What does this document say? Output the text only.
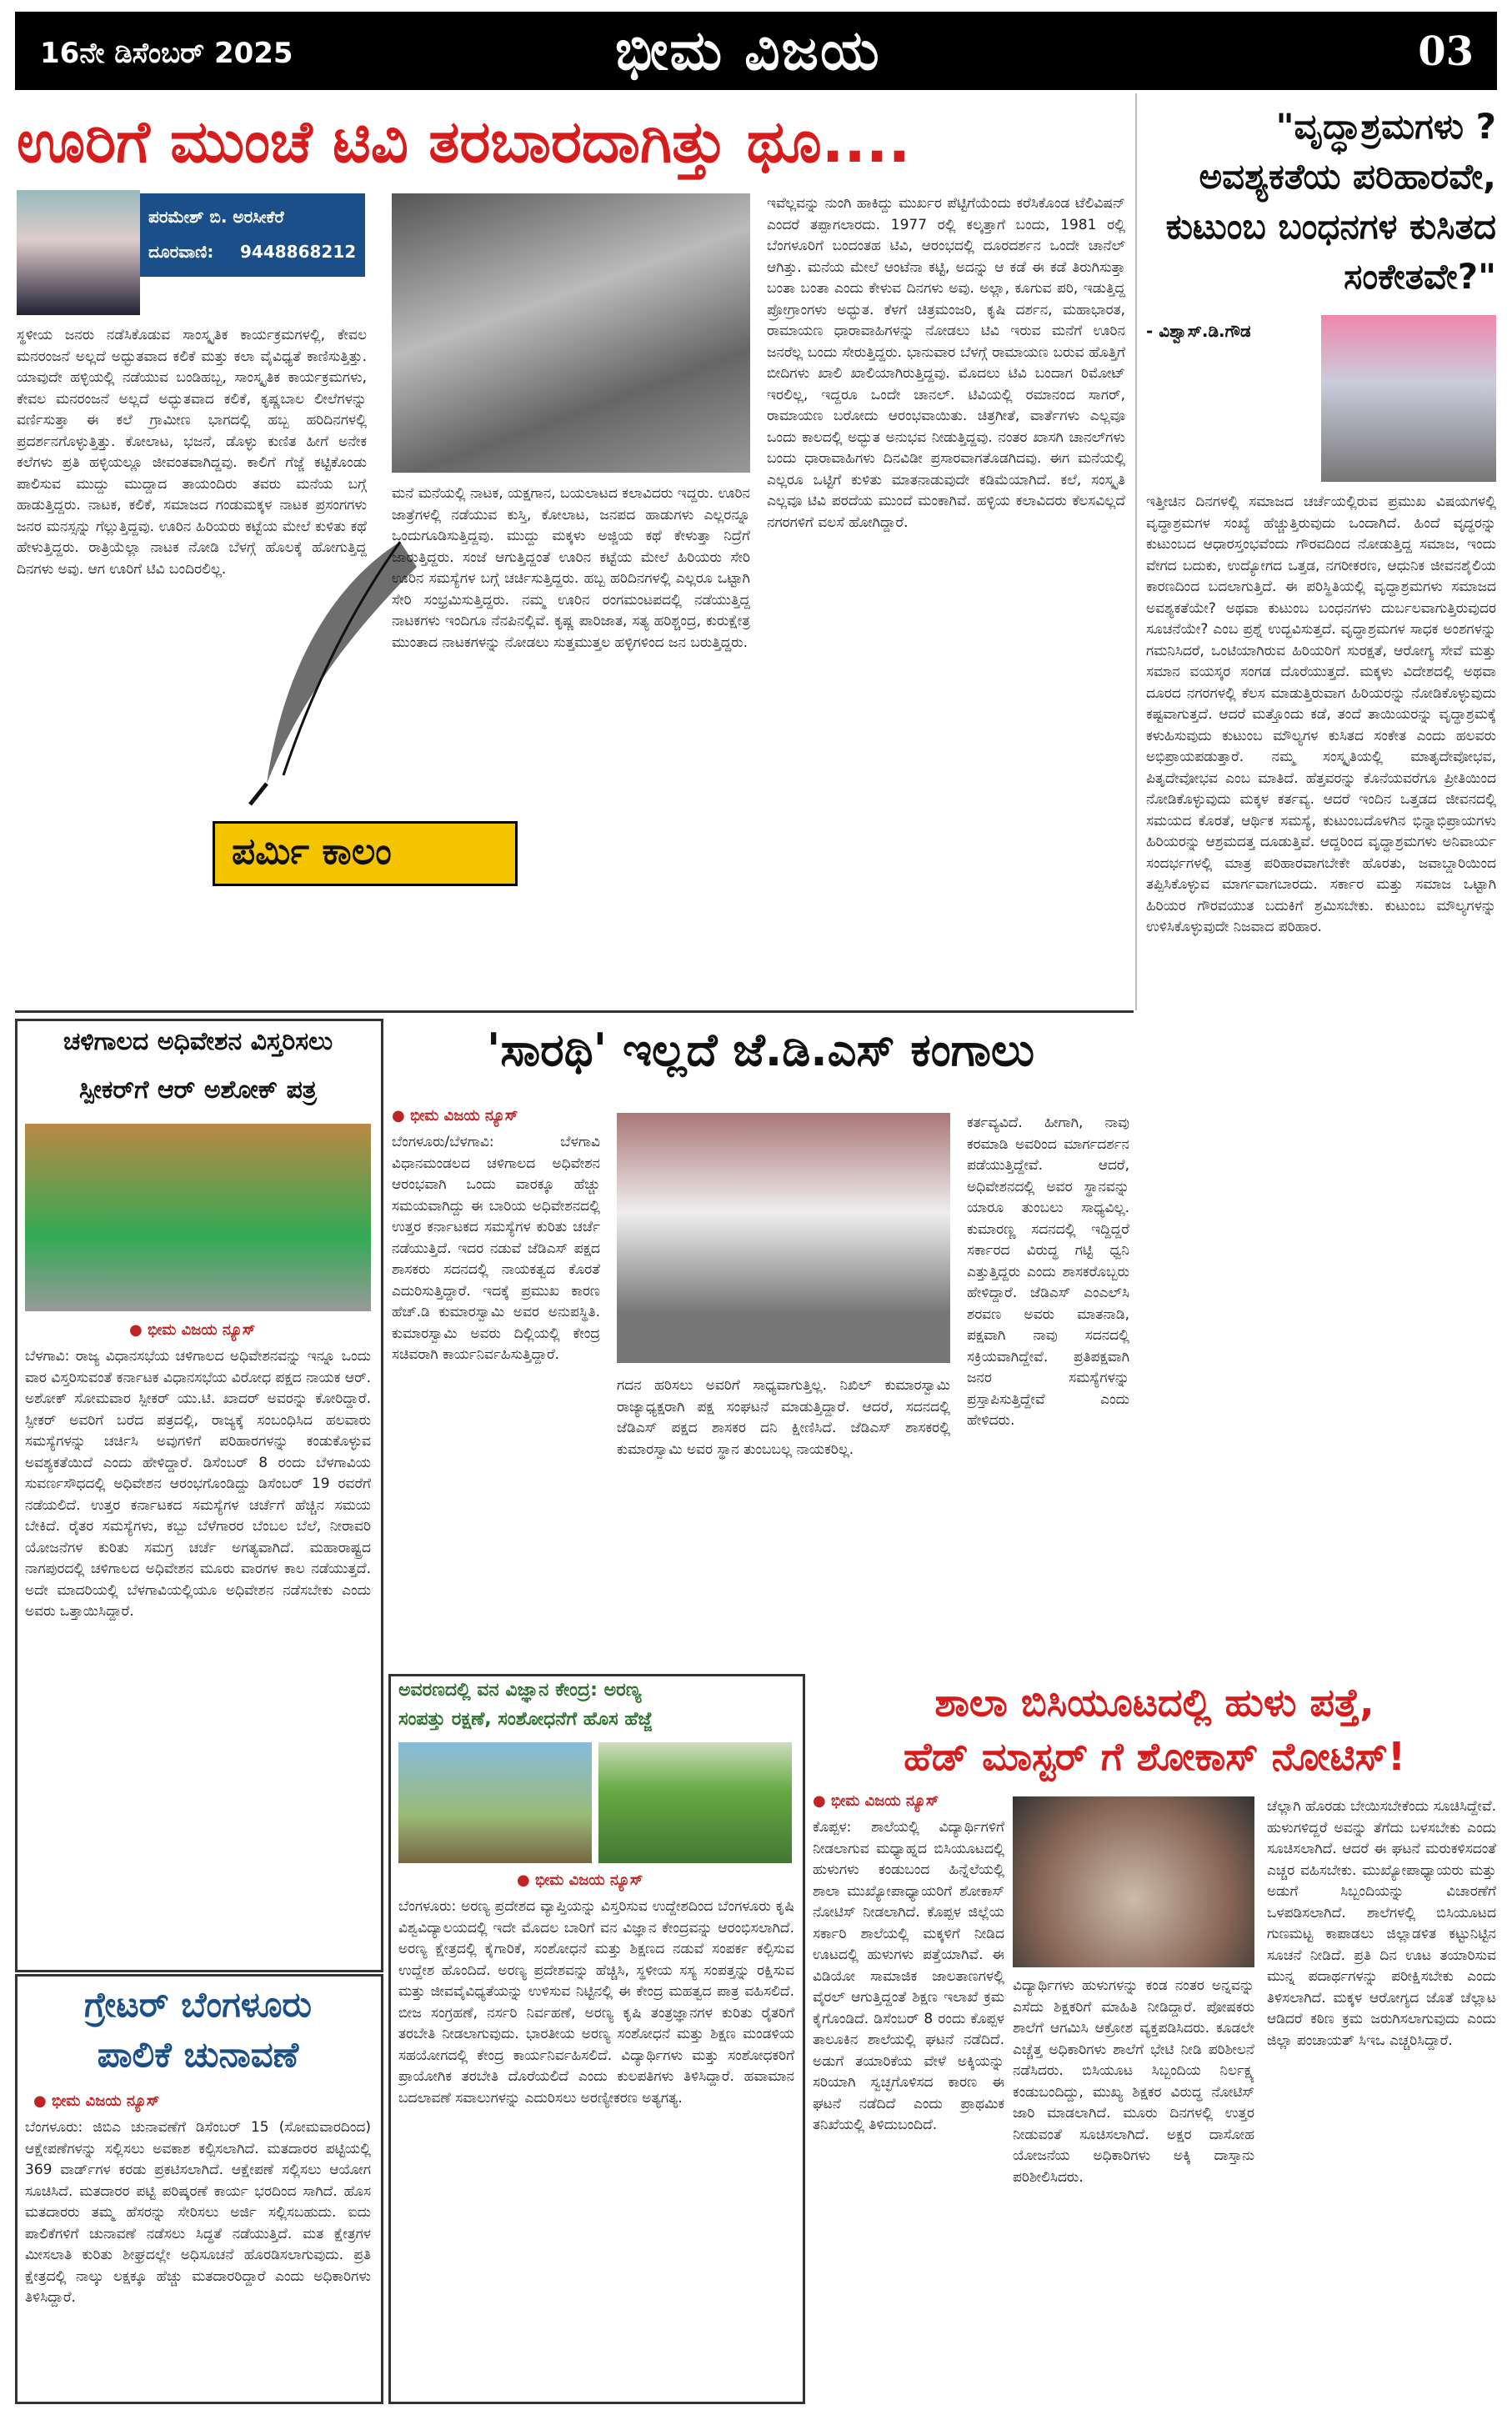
16ನೇ ಡಿಸೆಂಬರ್ 2025	ಭೀಮ ವಿಜಯ	03
ಊರಿಗೆ ಮುಂಚೆ ಟಿವಿ ತರಬಾರದಾಗಿತ್ತು ಥೂ....
ಪರಮೇಶ್ ಬಿ. ಅರಸೀಕೆರೆ
ದೂರವಾಣಿ: 9448868212
ಸ್ಥಳೀಯ ಜನರು ನಡೆಸಿಕೊಡುವ ಸಾಂಸ್ಕೃತಿಕ ಕಾರ್ಯಕ್ರಮಗಳಲ್ಲಿ, ಕೇವಲ ಮನರಂಜನೆ ಅಲ್ಲದೆ ಅದ್ಭುತವಾದ ಕಲಿಕೆ ಮತ್ತು ಕಲಾ ವೈವಿಧ್ಯತೆ ಕಾಣಿಸುತ್ತಿತ್ತು. ಯಾವುದೇ ಹಳ್ಳಿಯಲ್ಲಿ ನಡೆಯುವ ಬಂಡಿಹಬ್ಬ, ಸಾಂಸ್ಕೃತಿಕ ಕಾರ್ಯಕ್ರಮಗಳು, ಕೇವಲ ಮನರಂಜನೆ ಅಲ್ಲದೆ ಅದ್ಭುತವಾದ ಕಲಿಕೆ, ಕೃಷ್ಣಬಾಲ ಲೀಲೆಗಳನ್ನು ವರ್ಣಿಸುತ್ತಾ ಈ ಕಲೆ ಗ್ರಾಮೀಣ ಭಾಗದಲ್ಲಿ ಹಬ್ಬ ಹರಿದಿನಗಳಲ್ಲಿ ಪ್ರದರ್ಶನಗೊಳ್ಳುತ್ತಿತ್ತು. ಕೋಲಾಟ, ಭಜನೆ, ಡೊಳ್ಳು ಕುಣಿತ ಹೀಗೆ ಅನೇಕ ಕಲೆಗಳು ಪ್ರತಿ ಹಳ್ಳಿಯಲ್ಲೂ ಜೀವಂತವಾಗಿದ್ದವು. ಕಾಲಿಗೆ ಗೆಜ್ಜೆ ಕಟ್ಟಿಕೊಂಡು ಪಾಲಿಸುವ ಮುದ್ದು ಮುದ್ದಾದ ತಾಯಂದಿರು ತವರು ಮನೆಯ ಬಗ್ಗೆ ಹಾಡುತ್ತಿದ್ದರು. ನಾಟಕ, ಕಲಿಕೆ, ಸಮಾಜದ ಗಂಡುಮಕ್ಕಳ ನಾಟಕ ಪ್ರಸಂಗಗಳು ಜನರ ಮನಸ್ಸನ್ನು ಗೆಲ್ಲುತ್ತಿದ್ದವು. ಊರಿನ ಹಿರಿಯರು ಕಟ್ಟೆಯ ಮೇಲೆ ಕುಳಿತು ಕಥೆ ಹೇಳುತ್ತಿದ್ದರು. ರಾತ್ರಿಯೆಲ್ಲಾ ನಾಟಕ ನೋಡಿ ಬೆಳಗ್ಗೆ ಹೊಲಕ್ಕೆ ಹೋಗುತ್ತಿದ್ದ ದಿನಗಳು ಅವು. ಆಗ ಊರಿಗೆ ಟಿವಿ ಬಂದಿರಲಿಲ್ಲ.
ಪರ್ಮಿ ಕಾಲಂ
ಮನೆ ಮನೆಯಲ್ಲಿ ನಾಟಕ, ಯಕ್ಷಗಾನ, ಬಯಲಾಟದ ಕಲಾವಿದರು ಇದ್ದರು. ಊರಿನ ಜಾತ್ರೆಗಳಲ್ಲಿ ನಡೆಯುವ ಕುಸ್ತಿ, ಕೋಲಾಟ, ಜನಪದ ಹಾಡುಗಳು ಎಲ್ಲರನ್ನೂ ಒಂದುಗೂಡಿಸುತ್ತಿದ್ದವು. ಮುದ್ದು ಮಕ್ಕಳು ಅಜ್ಜಿಯ ಕಥೆ ಕೇಳುತ್ತಾ ನಿದ್ರೆಗೆ ಜಾರುತ್ತಿದ್ದರು. ಸಂಜೆ ಆಗುತ್ತಿದ್ದಂತೆ ಊರಿನ ಕಟ್ಟೆಯ ಮೇಲೆ ಹಿರಿಯರು ಸೇರಿ ಊರಿನ ಸಮಸ್ಯೆಗಳ ಬಗ್ಗೆ ಚರ್ಚಿಸುತ್ತಿದ್ದರು. ಹಬ್ಬ ಹರಿದಿನಗಳಲ್ಲಿ ಎಲ್ಲರೂ ಒಟ್ಟಾಗಿ ಸೇರಿ ಸಂಭ್ರಮಿಸುತ್ತಿದ್ದರು. ನಮ್ಮ ಊರಿನ ರಂಗಮಂಟಪದಲ್ಲಿ ನಡೆಯುತ್ತಿದ್ದ ನಾಟಕಗಳು ಇಂದಿಗೂ ನೆನಪಿನಲ್ಲಿವೆ. ಕೃಷ್ಣ ಪಾರಿಜಾತ, ಸತ್ಯ ಹರಿಶ್ಚಂದ್ರ, ಕುರುಕ್ಷೇತ್ರ ಮುಂತಾದ ನಾಟಕಗಳನ್ನು ನೋಡಲು ಸುತ್ತಮುತ್ತಲ ಹಳ್ಳಿಗಳಿಂದ ಜನ ಬರುತ್ತಿದ್ದರು.
ಇವೆಲ್ಲವನ್ನು ನುಂಗಿ ಹಾಕಿದ್ದು ಮುರ್ಖರ ಪೆಟ್ಟಿಗೆಯೆಂದು ಕರೆಸಿಕೊಂಡ ಟೆಲಿವಿಷನ್ ಎಂದರೆ ತಪ್ಪಾಗಲಾರದು. 1977 ರಲ್ಲಿ ಕಲ್ಕತ್ತಾಗೆ ಬಂದು, 1981 ರಲ್ಲಿ ಬೆಂಗಳೂರಿಗೆ ಬಂದಂತಹ ಟಿವಿ, ಆರಂಭದಲ್ಲಿ ದೂರದರ್ಶನ ಒಂದೇ ಚಾನೆಲ್ ಆಗಿತ್ತು. ಮನೆಯ ಮೇಲೆ ಆಂಟೆನಾ ಕಟ್ಟಿ, ಅದನ್ನು ಆ ಕಡೆ ಈ ಕಡೆ ತಿರುಗಿಸುತ್ತಾ ಬಂತಾ ಬಂತಾ ಎಂದು ಕೇಳುವ ದಿನಗಳು ಅವು. ಅಲ್ಲಾ, ಕೂಗುವ ಪರಿ, ಇಡುತ್ತಿದ್ದ ಪ್ರೋಗ್ರಾಂಗಳು ಅದ್ಭುತ. ಕೆಳಗೆ ಚಿತ್ರಮಂಜರಿ, ಕೃಷಿ ದರ್ಶನ, ಮಹಾಭಾರತ, ರಾಮಾಯಣ ಧಾರಾವಾಹಿಗಳನ್ನು ನೋಡಲು ಟಿವಿ ಇರುವ ಮನೆಗೆ ಊರಿನ ಜನರೆಲ್ಲ ಬಂದು ಸೇರುತ್ತಿದ್ದರು. ಭಾನುವಾರ ಬೆಳಗ್ಗೆ ರಾಮಾಯಣ ಬರುವ ಹೊತ್ತಿಗೆ ಬೀದಿಗಳು ಖಾಲಿ ಖಾಲಿಯಾಗಿರುತ್ತಿದ್ದವು. ಮೊದಲು ಟಿವಿ ಬಂದಾಗ ರಿಮೋಟ್ ಇರಲಿಲ್ಲ, ಇದ್ದರೂ ಒಂದೇ ಚಾನಲ್. ಟಿವಿಯಲ್ಲಿ ರಮಾನಂದ ಸಾಗರ್, ರಾಮಾಯಣ ಬರೋದು ಆರಂಭವಾಯಿತು. ಚಿತ್ರಗೀತೆ, ವಾರ್ತೆಗಳು ಎಲ್ಲವೂ ಒಂದು ಕಾಲದಲ್ಲಿ ಅದ್ಭುತ ಅನುಭವ ನೀಡುತ್ತಿದ್ದವು. ನಂತರ ಖಾಸಗಿ ಚಾನಲ್‌ಗಳು ಬಂದು ಧಾರಾವಾಹಿಗಳು ದಿನವಿಡೀ ಪ್ರಸಾರವಾಗತೊಡಗಿದವು. ಈಗ ಮನೆಯಲ್ಲಿ ಎಲ್ಲರೂ ಒಟ್ಟಿಗೆ ಕುಳಿತು ಮಾತನಾಡುವುದೇ ಕಡಿಮೆಯಾಗಿದೆ. ಕಲೆ, ಸಂಸ್ಕೃತಿ ಎಲ್ಲವೂ ಟಿವಿ ಪರದೆಯ ಮುಂದೆ ಮಂಕಾಗಿವೆ. ಹಳ್ಳಿಯ ಕಲಾವಿದರು ಕೆಲಸವಿಲ್ಲದೆ ನಗರಗಳಿಗೆ ವಲಸೆ ಹೋಗಿದ್ದಾರೆ.
"ವೃದ್ಧಾಶ್ರಮಗಳು ? ಅವಶ್ಯಕತೆಯ ಪರಿಹಾರವೇ, ಕುಟುಂಬ ಬಂಧನಗಳ ಕುಸಿತದ ಸಂಕೇತವೇ?"
- ವಿಶ್ವಾಸ್.ಡಿ.ಗೌಡ
ಇತ್ತೀಚಿನ ದಿನಗಳಲ್ಲಿ ಸಮಾಜದ ಚರ್ಚೆಯಲ್ಲಿರುವ ಪ್ರಮುಖ ವಿಷಯಗಳಲ್ಲಿ ವೃದ್ಧಾಶ್ರಮಗಳ ಸಂಖ್ಯೆ ಹೆಚ್ಚುತ್ತಿರುವುದು ಒಂದಾಗಿದೆ. ಹಿಂದೆ ವೃದ್ಧರನ್ನು ಕುಟುಂಬದ ಆಧಾರಸ್ತಂಭವೆಂದು ಗೌರವದಿಂದ ನೋಡುತ್ತಿದ್ದ ಸಮಾಜ, ಇಂದು ವೇಗದ ಬದುಕು, ಉದ್ಯೋಗದ ಒತ್ತಡ, ನಗರೀಕರಣ, ಆಧುನಿಕ ಜೀವನಶೈಲಿಯ ಕಾರಣದಿಂದ ಬದಲಾಗುತ್ತಿದೆ. ಈ ಪರಿಸ್ಥಿತಿಯಲ್ಲಿ ವೃದ್ಧಾಶ್ರಮಗಳು ಸಮಾಜದ ಅವಶ್ಯಕತೆಯೇ? ಅಥವಾ ಕುಟುಂಬ ಬಂಧನಗಳು ದುರ್ಬಲವಾಗುತ್ತಿರುವುದರ ಸೂಚನೆಯೇ? ಎಂಬ ಪ್ರಶ್ನೆ ಉದ್ಭವಿಸುತ್ತದೆ. ವೃದ್ಧಾಶ್ರಮಗಳ ಸಾಧಕ ಅಂಶಗಳನ್ನು ಗಮನಿಸಿದರೆ, ಒಂಟಿಯಾಗಿರುವ ಹಿರಿಯರಿಗೆ ಸುರಕ್ಷತೆ, ಆರೋಗ್ಯ ಸೇವೆ ಮತ್ತು ಸಮಾನ ವಯಸ್ಕರ ಸಂಗಡ ದೊರೆಯುತ್ತದೆ. ಮಕ್ಕಳು ವಿದೇಶದಲ್ಲಿ ಅಥವಾ ದೂರದ ನಗರಗಳಲ್ಲಿ ಕೆಲಸ ಮಾಡುತ್ತಿರುವಾಗ ಹಿರಿಯರನ್ನು ನೋಡಿಕೊಳ್ಳುವುದು ಕಷ್ಟವಾಗುತ್ತದೆ. ಆದರೆ ಮತ್ತೊಂದು ಕಡೆ, ತಂದೆ ತಾಯಿಯರನ್ನು ವೃದ್ಧಾಶ್ರಮಕ್ಕೆ ಕಳುಹಿಸುವುದು ಕುಟುಂಬ ಮೌಲ್ಯಗಳ ಕುಸಿತದ ಸಂಕೇತ ಎಂದು ಹಲವರು ಅಭಿಪ್ರಾಯಪಡುತ್ತಾರೆ. ನಮ್ಮ ಸಂಸ್ಕೃತಿಯಲ್ಲಿ ಮಾತೃದೇವೋಭವ, ಪಿತೃದೇವೋಭವ ಎಂಬ ಮಾತಿದೆ. ಹೆತ್ತವರನ್ನು ಕೊನೆಯವರೆಗೂ ಪ್ರೀತಿಯಿಂದ ನೋಡಿಕೊಳ್ಳುವುದು ಮಕ್ಕಳ ಕರ್ತವ್ಯ. ಆದರೆ ಇಂದಿನ ಒತ್ತಡದ ಜೀವನದಲ್ಲಿ ಸಮಯದ ಕೊರತೆ, ಆರ್ಥಿಕ ಸಮಸ್ಯೆ, ಕುಟುಂಬದೊಳಗಿನ ಭಿನ್ನಾಭಿಪ್ರಾಯಗಳು ಹಿರಿಯರನ್ನು ಆಶ್ರಮದತ್ತ ದೂಡುತ್ತಿವೆ. ಆದ್ದರಿಂದ ವೃದ್ಧಾಶ್ರಮಗಳು ಅನಿವಾರ್ಯ ಸಂದರ್ಭಗಳಲ್ಲಿ ಮಾತ್ರ ಪರಿಹಾರವಾಗಬೇಕೇ ಹೊರತು, ಜವಾಬ್ದಾರಿಯಿಂದ ತಪ್ಪಿಸಿಕೊಳ್ಳುವ ಮಾರ್ಗವಾಗಬಾರದು. ಸರ್ಕಾರ ಮತ್ತು ಸಮಾಜ ಒಟ್ಟಾಗಿ ಹಿರಿಯರ ಗೌರವಯುತ ಬದುಕಿಗೆ ಶ್ರಮಿಸಬೇಕು. ಕುಟುಂಬ ಮೌಲ್ಯಗಳನ್ನು ಉಳಿಸಿಕೊಳ್ಳುವುದೇ ನಿಜವಾದ ಪರಿಹಾರ.
ಚಳಿಗಾಲದ ಅಧಿವೇಶನ ವಿಸ್ತರಿಸಲು
ಸ್ಪೀಕರ್‌ಗೆ ಆರ್ ಅಶೋಕ್ ಪತ್ರ
● ಭೀಮ ವಿಜಯ ನ್ಯೂಸ್
ಬೆಳಗಾವಿ: ರಾಜ್ಯ ವಿಧಾನಸಭೆಯ ಚಳಿಗಾಲದ ಅಧಿವೇಶನವನ್ನು ಇನ್ನೂ ಒಂದು ವಾರ ವಿಸ್ತರಿಸುವಂತೆ ಕರ್ನಾಟಕ ವಿಧಾನಸಭೆಯ ವಿರೋಧ ಪಕ್ಷದ ನಾಯಕ ಆರ್. ಅಶೋಕ್ ಸೋಮವಾರ ಸ್ಪೀಕರ್ ಯು.ಟಿ. ಖಾದರ್ ಅವರನ್ನು ಕೋರಿದ್ದಾರೆ. ಸ್ಪೀಕರ್ ಅವರಿಗೆ ಬರೆದ ಪತ್ರದಲ್ಲಿ, ರಾಜ್ಯಕ್ಕೆ ಸಂಬಂಧಿಸಿದ ಹಲವಾರು ಸಮಸ್ಯೆಗಳನ್ನು ಚರ್ಚಿಸಿ ಅವುಗಳಿಗೆ ಪರಿಹಾರಗಳನ್ನು ಕಂಡುಕೊಳ್ಳುವ ಅವಶ್ಯಕತೆಯಿದೆ ಎಂದು ಹೇಳಿದ್ದಾರೆ. ಡಿಸೆಂಬರ್ 8 ರಂದು ಬೆಳಗಾವಿಯ ಸುವರ್ಣಸೌಧದಲ್ಲಿ ಅಧಿವೇಶನ ಆರಂಭಗೊಂಡಿದ್ದು ಡಿಸೆಂಬರ್ 19 ರವರೆಗೆ ನಡೆಯಲಿದೆ. ಉತ್ತರ ಕರ್ನಾಟಕದ ಸಮಸ್ಯೆಗಳ ಚರ್ಚೆಗೆ ಹೆಚ್ಚಿನ ಸಮಯ ಬೇಕಿದೆ. ರೈತರ ಸಮಸ್ಯೆಗಳು, ಕಬ್ಬು ಬೆಳೆಗಾರರ ಬೆಂಬಲ ಬೆಲೆ, ನೀರಾವರಿ ಯೋಜನೆಗಳ ಕುರಿತು ಸಮಗ್ರ ಚರ್ಚೆ ಅಗತ್ಯವಾಗಿದೆ. ಮಹಾರಾಷ್ಟ್ರದ ನಾಗಪುರದಲ್ಲಿ ಚಳಿಗಾಲದ ಅಧಿವೇಶನ ಮೂರು ವಾರಗಳ ಕಾಲ ನಡೆಯುತ್ತದೆ. ಅದೇ ಮಾದರಿಯಲ್ಲಿ ಬೆಳಗಾವಿಯಲ್ಲಿಯೂ ಅಧಿವೇಶನ ನಡೆಸಬೇಕು ಎಂದು ಅವರು ಒತ್ತಾಯಿಸಿದ್ದಾರೆ.
ಗ್ರೇಟರ್ ಬೆಂಗಳೂರು
ಪಾಲಿಕೆ ಚುನಾವಣೆ
● ಭೀಮ ವಿಜಯ ನ್ಯೂಸ್
ಬೆಂಗಳೂರು: ಜಿಬಿಎ ಚುನಾವಣೆಗೆ ಡಿಸೆಂಬರ್ 15 (ಸೋಮವಾರದಿಂದ) ಆಕ್ಷೇಪಣೆಗಳನ್ನು ಸಲ್ಲಿಸಲು ಅವಕಾಶ ಕಲ್ಪಿಸಲಾಗಿದೆ. ಮತದಾರರ ಪಟ್ಟಿಯಲ್ಲಿ 369 ವಾರ್ಡ್‌ಗಳ ಕರಡು ಪ್ರಕಟಿಸಲಾಗಿದೆ. ಆಕ್ಷೇಪಣೆ ಸಲ್ಲಿಸಲು ಆಯೋಗ ಸೂಚಿಸಿದೆ. ಮತದಾರರ ಪಟ್ಟಿ ಪರಿಷ್ಕರಣೆ ಕಾರ್ಯ ಭರದಿಂದ ಸಾಗಿದೆ. ಹೊಸ ಮತದಾರರು ತಮ್ಮ ಹೆಸರನ್ನು ಸೇರಿಸಲು ಅರ್ಜಿ ಸಲ್ಲಿಸಬಹುದು. ಐದು ಪಾಲಿಕೆಗಳಿಗೆ ಚುನಾವಣೆ ನಡೆಸಲು ಸಿದ್ಧತೆ ನಡೆಯುತ್ತಿದೆ. ಮತ ಕ್ಷೇತ್ರಗಳ ಮೀಸಲಾತಿ ಕುರಿತು ಶೀಘ್ರದಲ್ಲೇ ಅಧಿಸೂಚನೆ ಹೊರಡಿಸಲಾಗುವುದು. ಪ್ರತಿ ಕ್ಷೇತ್ರದಲ್ಲಿ ನಾಲ್ಕು ಲಕ್ಷಕ್ಕೂ ಹೆಚ್ಚು ಮತದಾರರಿದ್ದಾರೆ ಎಂದು ಅಧಿಕಾರಿಗಳು ತಿಳಿಸಿದ್ದಾರೆ.
'ಸಾರಥಿ' ಇಲ್ಲದೆ ಜೆ.ಡಿ.ಎಸ್ ಕಂಗಾಲು
● ಭೀಮ ವಿಜಯ ನ್ಯೂಸ್
ಬೆಂಗಳೂರು/ಬೆಳಗಾವಿ: ಬೆಳಗಾವಿ ವಿಧಾನಮಂಡಲದ ಚಳಿಗಾಲದ ಅಧಿವೇಶನ ಆರಂಭವಾಗಿ ಒಂದು ವಾರಕ್ಕೂ ಹೆಚ್ಚು ಸಮಯವಾಗಿದ್ದು ಈ ಬಾರಿಯ ಅಧಿವೇಶನದಲ್ಲಿ ಉತ್ತರ ಕರ್ನಾಟಕದ ಸಮಸ್ಯೆಗಳ ಕುರಿತು ಚರ್ಚೆ ನಡೆಯುತ್ತಿದೆ. ಇದರ ನಡುವೆ ಜೆಡಿಎಸ್ ಪಕ್ಷದ ಶಾಸಕರು ಸದನದಲ್ಲಿ ನಾಯಕತ್ವದ ಕೊರತೆ ಎದುರಿಸುತ್ತಿದ್ದಾರೆ. ಇದಕ್ಕೆ ಪ್ರಮುಖ ಕಾರಣ ಹೆಚ್.ಡಿ ಕುಮಾರಸ್ವಾಮಿ ಅವರ ಅನುಪಸ್ಥಿತಿ. ಕುಮಾರಸ್ವಾಮಿ ಅವರು ದಿಲ್ಲಿಯಲ್ಲಿ ಕೇಂದ್ರ ಸಚಿವರಾಗಿ ಕಾರ್ಯನಿರ್ವಹಿಸುತ್ತಿದ್ದಾರೆ.
ಗದನ ಹರಿಸಲು ಅವರಿಗೆ ಸಾಧ್ಯವಾಗುತ್ತಿಲ್ಲ. ನಿಖಿಲ್ ಕುಮಾರಸ್ವಾಮಿ ರಾಜ್ಯಾಧ್ಯಕ್ಷರಾಗಿ ಪಕ್ಷ ಸಂಘಟನೆ ಮಾಡುತ್ತಿದ್ದಾರೆ. ಆದರೆ, ಸದನದಲ್ಲಿ ಜೆಡಿಎಸ್ ಪಕ್ಷದ ಶಾಸಕರ ದನಿ ಕ್ಷೀಣಿಸಿದೆ. ಜೆಡಿಎಸ್ ಶಾಸಕರಲ್ಲಿ ಕುಮಾರಸ್ವಾಮಿ ಅವರ ಸ್ಥಾನ ತುಂಬಬಲ್ಲ ನಾಯಕರಿಲ್ಲ.
ಕರ್ತವ್ಯವಿದೆ. ಹೀಗಾಗಿ, ನಾವು ಕರಮಾಡಿ ಅವರಿಂದ ಮಾರ್ಗದರ್ಶನ ಪಡೆಯುತ್ತಿದ್ದೇವೆ. ಆದರೆ, ಅಧಿವೇಶನದಲ್ಲಿ ಅವರ ಸ್ಥಾನವನ್ನು ಯಾರೂ ತುಂಬಲು ಸಾಧ್ಯವಿಲ್ಲ. ಕುಮಾರಣ್ಣ ಸದನದಲ್ಲಿ ಇದ್ದಿದ್ದರೆ ಸರ್ಕಾರದ ವಿರುದ್ಧ ಗಟ್ಟಿ ಧ್ವನಿ ಎತ್ತುತ್ತಿದ್ದರು ಎಂದು ಶಾಸಕರೊಬ್ಬರು ಹೇಳಿದ್ದಾರೆ. ಜೆಡಿಎಸ್ ಎಂಎಲ್‌ಸಿ ಶರವಣ ಅವರು ಮಾತನಾಡಿ, ಪಕ್ಷವಾಗಿ ನಾವು ಸದನದಲ್ಲಿ ಸಕ್ರಿಯವಾಗಿದ್ದೇವೆ. ಪ್ರತಿಪಕ್ಷವಾಗಿ ಜನರ ಸಮಸ್ಯೆಗಳನ್ನು ಪ್ರಸ್ತಾಪಿಸುತ್ತಿದ್ದೇವೆ ಎಂದು ಹೇಳಿದರು.
ಅವರಣದಲ್ಲಿ ವನ ವಿಜ್ಞಾನ ಕೇಂದ್ರ: ಅರಣ್ಯ
ಸಂಪತ್ತು ರಕ್ಷಣೆ, ಸಂಶೋಧನೆಗೆ ಹೊಸ ಹೆಜ್ಜೆ
● ಭೀಮ ವಿಜಯ ನ್ಯೂಸ್
ಬೆಂಗಳೂರು: ಅರಣ್ಯ ಪ್ರದೇಶದ ವ್ಯಾಪ್ತಿಯನ್ನು ವಿಸ್ತರಿಸುವ ಉದ್ದೇಶದಿಂದ ಬೆಂಗಳೂರು ಕೃಷಿ ವಿಶ್ವವಿದ್ಯಾಲಯದಲ್ಲಿ ಇದೇ ಮೊದಲ ಬಾರಿಗೆ ವನ ವಿಜ್ಞಾನ ಕೇಂದ್ರವನ್ನು ಆರಂಭಿಸಲಾಗಿದೆ. ಅರಣ್ಯ ಕ್ಷೇತ್ರದಲ್ಲಿ ಕೈಗಾರಿಕೆ, ಸಂಶೋಧನೆ ಮತ್ತು ಶಿಕ್ಷಣದ ನಡುವೆ ಸಂಪರ್ಕ ಕಲ್ಪಿಸುವ ಉದ್ದೇಶ ಹೊಂದಿದೆ. ಅರಣ್ಯ ಪ್ರದೇಶವನ್ನು ಹೆಚ್ಚಿಸಿ, ಸ್ಥಳೀಯ ಸಸ್ಯ ಸಂಪತ್ತನ್ನು ರಕ್ಷಿಸುವ ಮತ್ತು ಜೀವವೈವಿಧ್ಯತೆಯನ್ನು ಉಳಿಸುವ ನಿಟ್ಟಿನಲ್ಲಿ ಈ ಕೇಂದ್ರ ಮಹತ್ವದ ಪಾತ್ರ ವಹಿಸಲಿದೆ. ಬೀಜ ಸಂಗ್ರಹಣೆ, ನರ್ಸರಿ ನಿರ್ವಹಣೆ, ಅರಣ್ಯ ಕೃಷಿ ತಂತ್ರಜ್ಞಾನಗಳ ಕುರಿತು ರೈತರಿಗೆ ತರಬೇತಿ ನೀಡಲಾಗುವುದು. ಭಾರತೀಯ ಅರಣ್ಯ ಸಂಶೋಧನೆ ಮತ್ತು ಶಿಕ್ಷಣ ಮಂಡಳಿಯ ಸಹಯೋಗದಲ್ಲಿ ಕೇಂದ್ರ ಕಾರ್ಯನಿರ್ವಹಿಸಲಿದೆ. ವಿದ್ಯಾರ್ಥಿಗಳು ಮತ್ತು ಸಂಶೋಧಕರಿಗೆ ಪ್ರಾಯೋಗಿಕ ತರಬೇತಿ ದೊರೆಯಲಿದೆ ಎಂದು ಕುಲಪತಿಗಳು ತಿಳಿಸಿದ್ದಾರೆ. ಹವಾಮಾನ ಬದಲಾವಣೆ ಸವಾಲುಗಳನ್ನು ಎದುರಿಸಲು ಅರಣ್ಯೀಕರಣ ಅತ್ಯಗತ್ಯ.
ಶಾಲಾ ಬಿಸಿಯೂಟದಲ್ಲಿ ಹುಳು ಪತ್ತೆ,
ಹೆಡ್ ಮಾಸ್ಟರ್ ಗೆ ಶೋಕಾಸ್ ನೋಟಿಸ್!
● ಭೀಮ ವಿಜಯ ನ್ಯೂಸ್
ಕೊಪ್ಪಳ: ಶಾಲೆಯಲ್ಲಿ ವಿದ್ಯಾರ್ಥಿಗಳಿಗೆ ನೀಡಲಾಗುವ ಮಧ್ಯಾಹ್ನದ ಬಿಸಿಯೂಟದಲ್ಲಿ ಹುಳುಗಳು ಕಂಡುಬಂದ ಹಿನ್ನೆಲೆಯಲ್ಲಿ ಶಾಲಾ ಮುಖ್ಯೋಪಾಧ್ಯಾಯರಿಗೆ ಶೋಕಾಸ್ ನೋಟಿಸ್ ನೀಡಲಾಗಿದೆ. ಕೊಪ್ಪಳ ಜಿಲ್ಲೆಯ ಸರ್ಕಾರಿ ಶಾಲೆಯಲ್ಲಿ ಮಕ್ಕಳಿಗೆ ನೀಡಿದ ಊಟದಲ್ಲಿ ಹುಳುಗಳು ಪತ್ತೆಯಾಗಿವೆ. ಈ ವಿಡಿಯೋ ಸಾಮಾಜಿಕ ಜಾಲತಾಣಗಳಲ್ಲಿ ವೈರಲ್ ಆಗುತ್ತಿದ್ದಂತೆ ಶಿಕ್ಷಣ ಇಲಾಖೆ ಕ್ರಮ ಕೈಗೊಂಡಿದೆ. ಡಿಸೆಂಬರ್ 8 ರಂದು ಕೊಪ್ಪಳ ತಾಲೂಕಿನ ಶಾಲೆಯಲ್ಲಿ ಘಟನೆ ನಡೆದಿದೆ. ಅಡುಗೆ ತಯಾರಿಕೆಯ ವೇಳೆ ಅಕ್ಕಿಯನ್ನು ಸರಿಯಾಗಿ ಸ್ವಚ್ಛಗೊಳಿಸದ ಕಾರಣ ಈ ಘಟನೆ ನಡೆದಿದೆ ಎಂದು ಪ್ರಾಥಮಿಕ ತನಿಖೆಯಲ್ಲಿ ತಿಳಿದುಬಂದಿದೆ.
ವಿದ್ಯಾರ್ಥಿಗಳು ಹುಳುಗಳನ್ನು ಕಂಡ ನಂತರ ಅನ್ನವನ್ನು ಎಸೆದು ಶಿಕ್ಷಕರಿಗೆ ಮಾಹಿತಿ ನೀಡಿದ್ದಾರೆ. ಪೋಷಕರು ಶಾಲೆಗೆ ಆಗಮಿಸಿ ಆಕ್ರೋಶ ವ್ಯಕ್ತಪಡಿಸಿದರು. ಕೂಡಲೇ ಎಚ್ಚೆತ್ತ ಅಧಿಕಾರಿಗಳು ಶಾಲೆಗೆ ಭೇಟಿ ನೀಡಿ ಪರಿಶೀಲನೆ ನಡೆಸಿದರು. ಬಿಸಿಯೂಟ ಸಿಬ್ಬಂದಿಯ ನಿರ್ಲಕ್ಷ್ಯ ಕಂಡುಬಂದಿದ್ದು, ಮುಖ್ಯ ಶಿಕ್ಷಕರ ವಿರುದ್ಧ ನೋಟಿಸ್ ಜಾರಿ ಮಾಡಲಾಗಿದೆ. ಮೂರು ದಿನಗಳಲ್ಲಿ ಉತ್ತರ ನೀಡುವಂತೆ ಸೂಚಿಸಲಾಗಿದೆ. ಅಕ್ಷರ ದಾಸೋಹ ಯೋಜನೆಯ ಅಧಿಕಾರಿಗಳು ಅಕ್ಕಿ ದಾಸ್ತಾನು ಪರಿಶೀಲಿಸಿದರು.
ಚೆಲ್ಲಾಗಿ ಹೊರಡು ಬೇಯಿಸಬೇಕೆಂದು ಸೂಚಿಸಿದ್ದೇವೆ. ಹುಳುಗಳಿದ್ದರೆ ಅವನ್ನು ತೆಗೆದು ಬಳಸಬೇಕು ಎಂದು ಸೂಚಿಸಲಾಗಿದೆ. ಆದರೆ ಈ ಘಟನೆ ಮರುಕಳಿಸದಂತೆ ಎಚ್ಚರ ವಹಿಸಬೇಕು. ಮುಖ್ಯೋಪಾಧ್ಯಾಯರು ಮತ್ತು ಅಡುಗೆ ಸಿಬ್ಬಂದಿಯನ್ನು ವಿಚಾರಣೆಗೆ ಒಳಪಡಿಸಲಾಗಿದೆ. ಶಾಲೆಗಳಲ್ಲಿ ಬಿಸಿಯೂಟದ ಗುಣಮಟ್ಟ ಕಾಪಾಡಲು ಜಿಲ್ಲಾಡಳಿತ ಕಟ್ಟುನಿಟ್ಟಿನ ಸೂಚನೆ ನೀಡಿದೆ. ಪ್ರತಿ ದಿನ ಊಟ ತಯಾರಿಸುವ ಮುನ್ನ ಪದಾರ್ಥಗಳನ್ನು ಪರೀಕ್ಷಿಸಬೇಕು ಎಂದು ತಿಳಿಸಲಾಗಿದೆ. ಮಕ್ಕಳ ಆರೋಗ್ಯದ ಜೊತೆ ಚೆಲ್ಲಾಟ ಆಡಿದರೆ ಕಠಿಣ ಕ್ರಮ ಜರುಗಿಸಲಾಗುವುದು ಎಂದು ಜಿಲ್ಲಾ ಪಂಚಾಯತ್ ಸಿಇಒ ಎಚ್ಚರಿಸಿದ್ದಾರೆ.
